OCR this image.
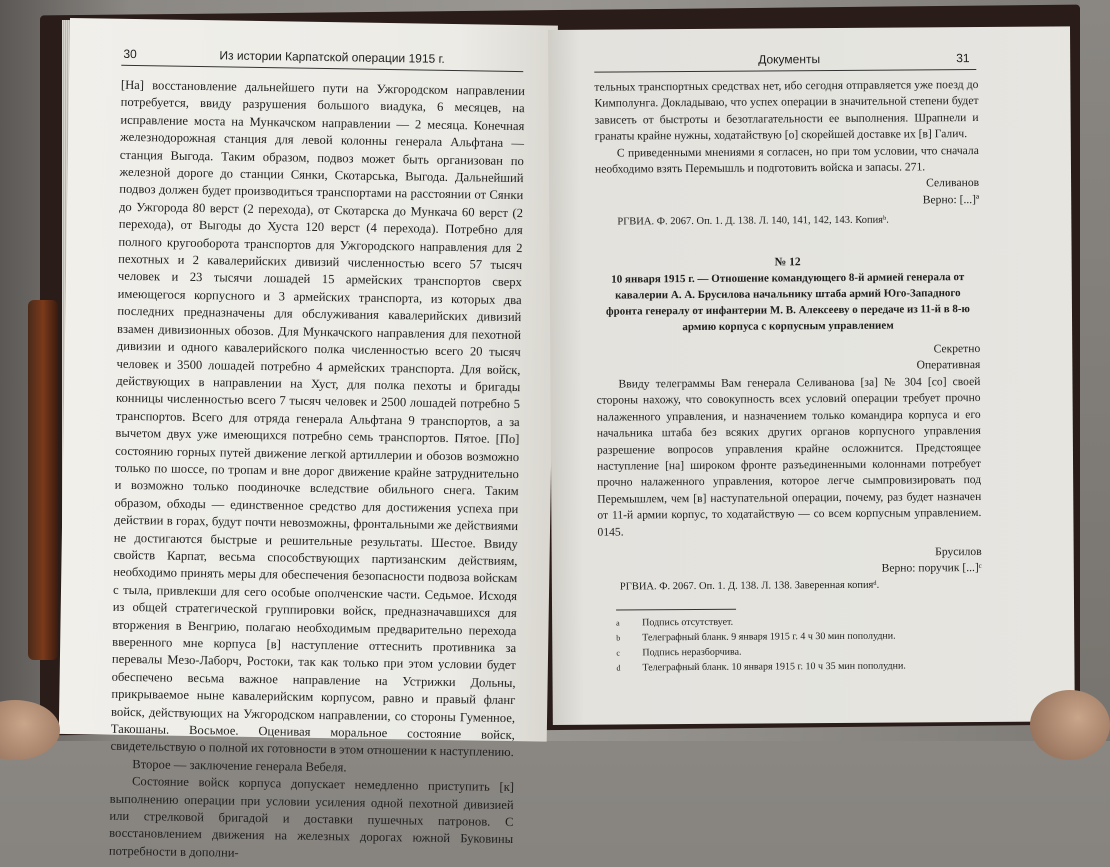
30	Из истории Карпатской операции 1915 г.

[На] восстановление дальнейшего пути на Ужгородском направлении потребуется, ввиду разрушения большого виадука, 6 месяцев, на исправление моста на Мункачском направлении — 2 месяца. Конечная железнодорожная станция для левой колонны генерала Альфтана — станция Выгода. Таким образом, подвоз может быть организован по железной дороге до станции Сянки, Скотарська, Выгода. Дальнейший подвоз должен будет производиться транспортами на расстоянии от Сянки до Ужгорода 80 верст (2 перехода), от Скотарска до Мункача 60 верст (2 перехода), от Выгоды до Хуста 120 верст (4 перехода). Потребно для полного кругооборота транспортов для Ужгородского направления для 2 пехотных и 2 кавалерийских дивизий численностью всего 57 тысяч человек и 23 тысячи лошадей 15 армейских транспортов сверх имеющегося корпусного и 3 армейских транспорта, из которых два последних предназначены для обслуживания кавалерийских дивизий взамен дивизионных обозов. Для Мункачского направления для пехотной дивизии и одного кавалерийского полка численностью всего 20 тысяч человек и 3500 лошадей потребно 4 армейских транспорта. Для войск, действующих в направлении на Хуст, для полка пехоты и бригады конницы численностью всего 7 тысяч человек и 2500 лошадей потребно 5 транспортов. Всего для отряда генерала Альфтана 9 транспортов, а за вычетом двух уже имеющихся потребно семь транспортов. Пятое. [По] состоянию горных путей движение легкой артиллерии и обозов возможно только по шоссе, по тропам и вне дорог движение крайне затруднительно и возможно только поодиночке вследствие обильного снега. Таким образом, обходы — единственное средство для достижения успеха при действии в горах, будут почти невозможны, фронтальными же действиями не достигаются быстрые и решительные результаты. Шестое. Ввиду свойств Карпат, весьма способствующих партизанским действиям, необходимо принять меры для обеспечения безопасности подвоза войскам с тыла, привлекши для сего особые ополченские части. Седьмое. Исходя из общей стратегической группировки войск, предназначавшихся для вторжения в Венгрию, полагаю необходимым предварительно перехода вверенного мне корпуса [в] наступление оттеснить противника за перевалы Мезо-Лаборч, Ростоки, так как только при этом условии будет обеспечено весьма важное направление на Устрижки Дольны, прикрываемое ныне кавалерийским корпусом, равно и правый фланг войск, действующих на Ужгородском направлении, со стороны Гуменное, Такошаны. Восьмое. Оценивая моральное состояние войск, свидетельствую о полной их готовности в этом отношении к наступлению.

Второе — заключение генерала Вебеля.

Состояние войск корпуса допускает немедленно приступить [к] выполнению операции при условии усиления одной пехотной дивизией или стрелковой бригадой и доставки пушечных патронов. С восстановлением движения на железных дорогах южной Буковины потребности в дополни-

Документы	31

тельных транспортных средствах нет, ибо сегодня отправляется уже поезд до Кимполунга. Докладываю, что успех операции в значительной степени будет зависеть от быстроты и безотлагательности ее выполнения. Шрапнели и гранаты крайне нужны, ходатайствую [о] скорейшей доставке их [в] Галич.

С приведенными мнениями я согласен, но при том условии, что сначала необходимо взять Перемышль и подготовить войска и запасы. 271.

Селиванов

Верно: [...]ª

РГВИА. Ф. 2067. Оп. 1. Д. 138. Л. 140, 141, 142, 143. Копияᵇ.

№ 12

10 января 1915 г. — Отношение командующего 8-й армией генерала от кавалерии А. А. Брусилова начальнику штаба армий Юго-Западного фронта генералу от инфантерии М. В. Алексееву о передаче из 11-й в 8-ю армию корпуса с корпусным управлением

Секретно

Оперативная

Ввиду телеграммы Вам генерала Селиванова [за] № 304 [со] своей стороны нахожу, что совокупность всех условий операции требует прочно налаженного управления, и назначением только командира корпуса и его начальника штаба без всяких других органов корпусного управления разрешение вопросов управления крайне осложнится. Предстоящее наступление [на] широком фронте разъединенными колоннами потребует прочно налаженного управления, которое легче сымпровизировать под Перемышлем, чем [в] наступательной операции, почему, раз будет назначен от 11-й армии корпус, то ходатайствую — со всем корпусным управлением. 0145.

Брусилов

Верно: поручик [...]ᶜ

РГВИА. Ф. 2067. Оп. 1. Д. 138. Л. 138. Заверенная копияᵈ.

a Подпись отсутствует.
b Телеграфный бланк. 9 января 1915 г. 4 ч 30 мин пополудни.
c Подпись неразборчива.
d Телеграфный бланк. 10 января 1915 г. 10 ч 35 мин пополудни.
